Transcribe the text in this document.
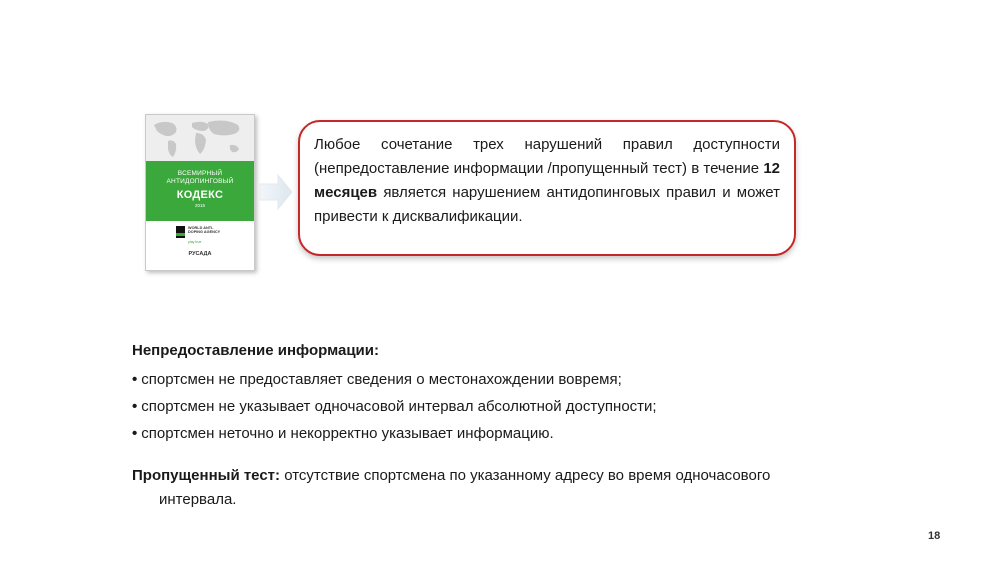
ВСЕМИРНЫЙ
АНТИДОПИНГОВЫЙ
КОДЕКС
2015
WORLD ANTI-DOPING AGENCY
play true
РУСАДА
Любое сочетание трех нарушений правил доступности (непредоставление информации /пропущенный тест) в течение 12 месяцев является нарушением антидопинговых правил и может привести к дисквалификации.

Непредоставление информации:

• спортсмен не предоставляет сведения о местонахождении вовремя;
• спортсмен не указывает одночасовой интервал абсолютной доступности;
• спортсмен неточно и некорректно указывает информацию.
Пропущенный тест: отсутствие спортсмена по указанному адресу во время одночасового
интервала.
18
